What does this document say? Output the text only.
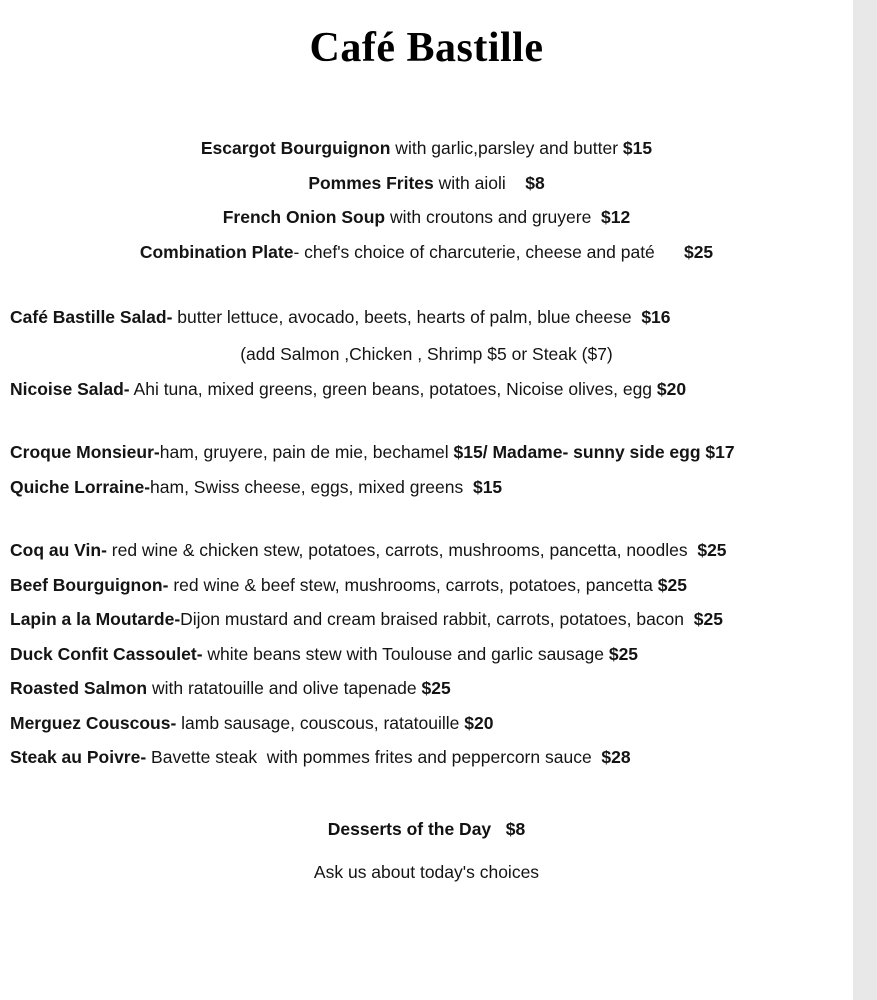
Café Bastille
Escargot Bourguignon with garlic,parsley and butter $15
Pommes Frites with aioli    $8
French Onion Soup with croutons and gruyere  $12
Combination Plate- chef's choice of charcuterie, cheese and paté      $25
Café Bastille Salad- butter lettuce, avocado, beets, hearts of palm, blue cheese  $16
(add Salmon ,Chicken , Shrimp $5 or Steak ($7)
Nicoise Salad- Ahi tuna, mixed greens, green beans, potatoes, Nicoise olives, egg $20
Croque Monsieur-ham, gruyere, pain de mie, bechamel $15/ Madame- sunny side egg $17
Quiche Lorraine-ham, Swiss cheese, eggs, mixed greens  $15
Coq au Vin- red wine & chicken stew, potatoes, carrots, mushrooms, pancetta, noodles  $25
Beef Bourguignon- red wine & beef stew, mushrooms, carrots, potatoes, pancetta $25
Lapin a la Moutarde-Dijon mustard and cream braised rabbit, carrots, potatoes, bacon  $25
Duck Confit Cassoulet- white beans stew with Toulouse and garlic sausage $25
Roasted Salmon with ratatouille and olive tapenade $25
Merguez Couscous- lamb sausage, couscous, ratatouille $20
Steak au Poivre- Bavette steak  with pommes frites and peppercorn sauce  $28
Desserts of the Day $8
Ask us about today's choices
